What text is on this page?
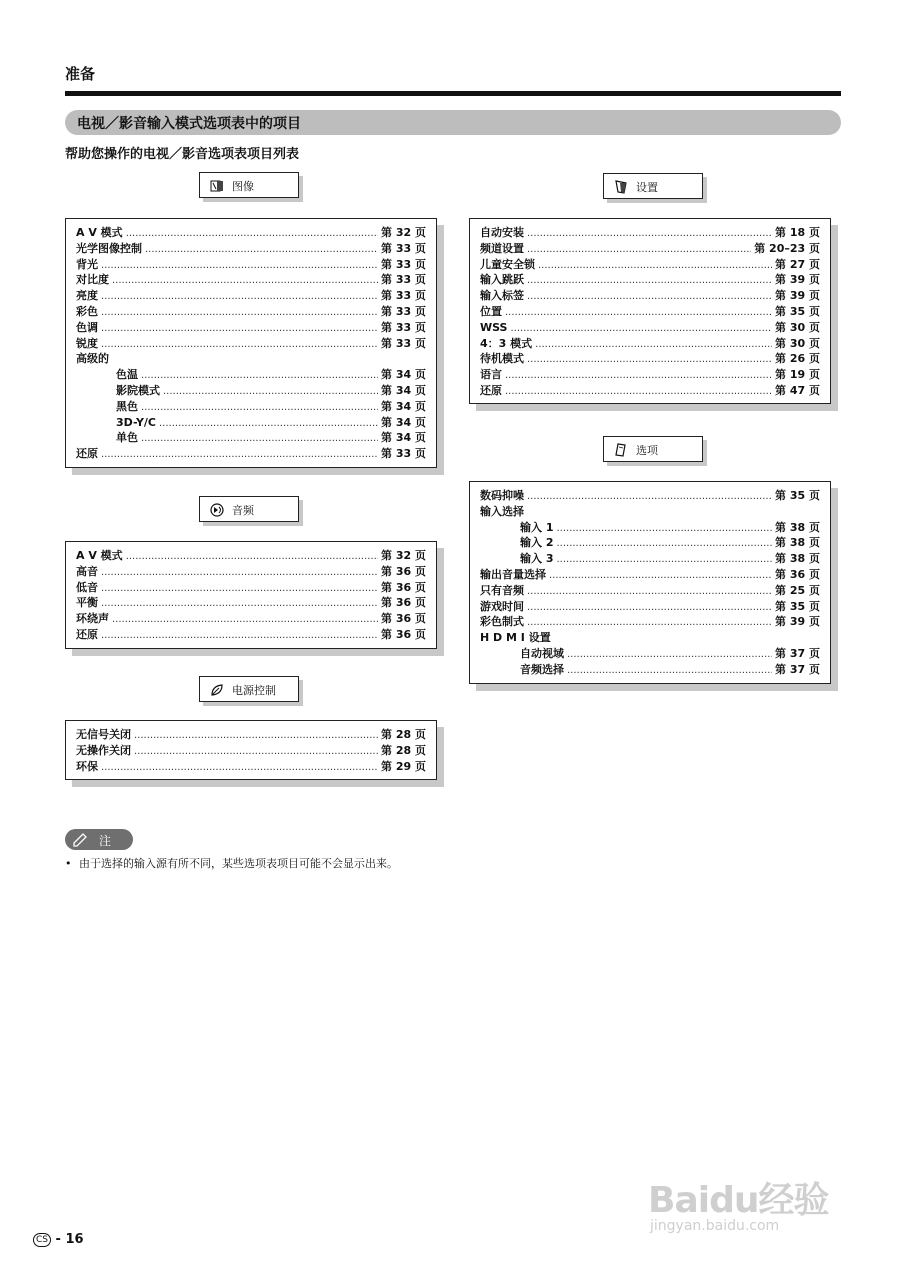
准备
电视／影音输入模式选项表中的项目
帮助您操作的电视／影音选项表项目列表
图像
A V 模式 .....	第 32 页
光学图像控制 .....	第 33 页
背光 .....	第 33 页
对比度 .....	第 33 页
亮度 .....	第 33 页
彩色 .....	第 33 页
色调 .....	第 33 页
锐度 .....	第 33 页
高级的
色温 .....	第 34 页
影院模式 .....	第 34 页
黑色 .....	第 34 页
3D-Y/C .....	第 34 页
单色 .....	第 34 页
还原 .....	第 33 页
音频
A V 模式 .....	第 32 页
高音 .....	第 36 页
低音 .....	第 36 页
平衡 .....	第 36 页
环绕声 .....	第 36 页
还原 .....	第 36 页
电源控制
无信号关闭 .....	第 28 页
无操作关闭 .....	第 28 页
环保 .....	第 29 页
设置
自动安装 .....	第 18 页
频道设置 .....	第 20–23 页
儿童安全锁 .....	第 27 页
输入跳跃 .....	第 39 页
输入标签 .....	第 39 页
位置 .....	第 35 页
WSS .....	第 30 页
4：3 模式 .....	第 30 页
待机模式 .....	第 26 页
语言 .....	第 19 页
还原 .....	第 47 页
选项
数码抑噪 .....	第 35 页
输入选择
输入 1 .....	第 38 页
输入 2 .....	第 38 页
输入 3 .....	第 38 页
输出音量选择 .....	第 36 页
只有音频 .....	第 25 页
游戏时间 .....	第 35 页
彩色制式 .....	第 39 页
H D M I 设置
自动视域 .....	第 37 页
音频选择 .....	第 37 页
注
• 由于选择的输入源有所不同，某些选项表项目可能不会显示出来。
CS - 16
Baidu经验
jingyan.baidu.com
